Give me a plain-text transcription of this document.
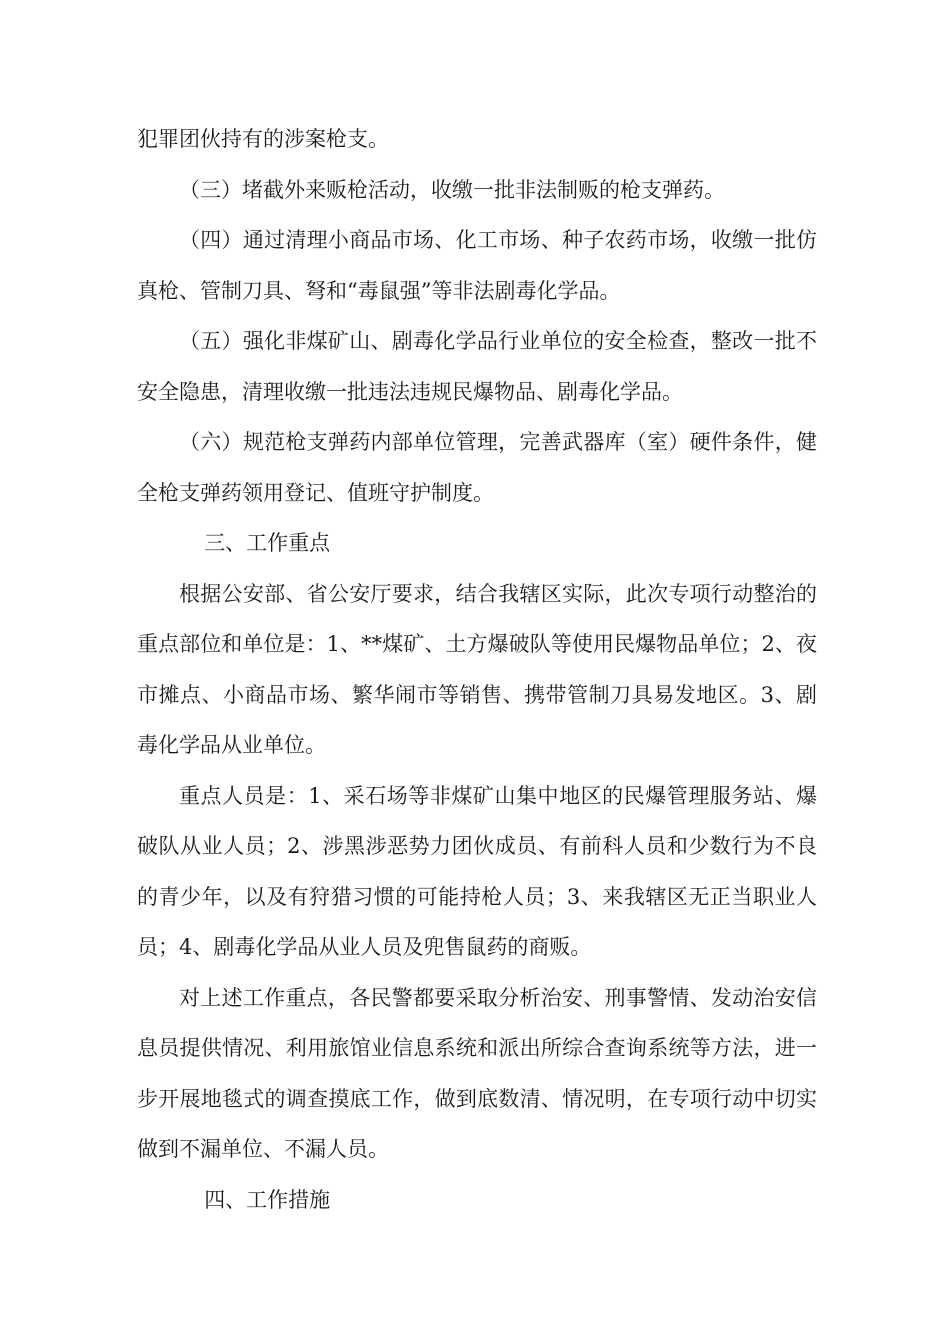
犯罪团伙持有的涉案枪支。

（三）堵截外来贩枪活动，收缴一批非法制贩的枪支弹药。

（四）通过清理小商品市场、化工市场、种子农药市场，收缴一批仿真枪、管制刀具、弩和“毒鼠强”等非法剧毒化学品。

（五）强化非煤矿山、剧毒化学品行业单位的安全检查，整改一批不安全隐患，清理收缴一批违法违规民爆物品、剧毒化学品。

（六）规范枪支弹药内部单位管理，完善武器库（室）硬件条件，健全枪支弹药领用登记、值班守护制度。

三、工作重点

根据公安部、省公安厅要求，结合我辖区实际，此次专项行动整治的重点部位和单位是：1、**煤矿、土方爆破队等使用民爆物品单位；2、夜市摊点、小商品市场、繁华闹市等销售、携带管制刀具易发地区。3、剧毒化学品从业单位。

重点人员是：1、采石场等非煤矿山集中地区的民爆管理服务站、爆破队从业人员；2、涉黑涉恶势力团伙成员、有前科人员和少数行为不良的青少年，以及有狩猎习惯的可能持枪人员；3、来我辖区无正当职业人员；4、剧毒化学品从业人员及兜售鼠药的商贩。

对上述工作重点，各民警都要采取分析治安、刑事警情、发动治安信息员提供情况、利用旅馆业信息系统和派出所综合查询系统等方法，进一步开展地毯式的调查摸底工作，做到底数清、情况明，在专项行动中切实做到不漏单位、不漏人员。

四、工作措施
